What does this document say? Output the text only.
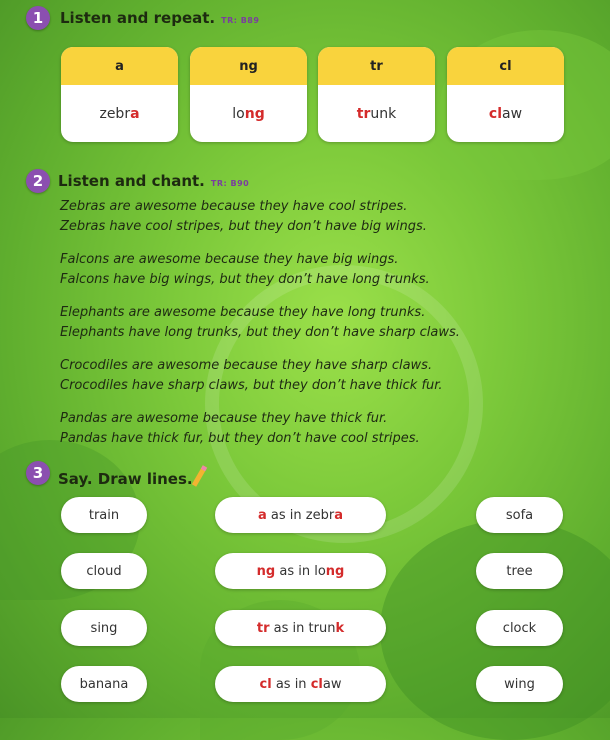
1	Listen and repeat. TR: B89
a
zebr a
ng
lo ng
tr
tr unk
cl
cl aw
2 Listen and chant. TR: B90
Zebras are awesome because they have cool stripes.
Zebras have cool stripes, but they don’t have big wings.
Falcons are awesome because they have big wings.
Falcons have big wings, but they don’t have long trunks.
Elephants are awesome because they have long trunks.
Elephants have long trunks, but they don’t have sharp claws.
Crocodiles are awesome because they have sharp claws.
Crocodiles have sharp claws, but they don’t have thick fur.
Pandas are awesome because they have thick fur.
Pandas have thick fur, but they don’t have cool stripes.
3 Say. Draw lines.
train
cloud
sing
banana
a as in zebr a
ng as in lo ng
tr as in trun k
cl as in cl aw
sofa
tree
clock
wing
